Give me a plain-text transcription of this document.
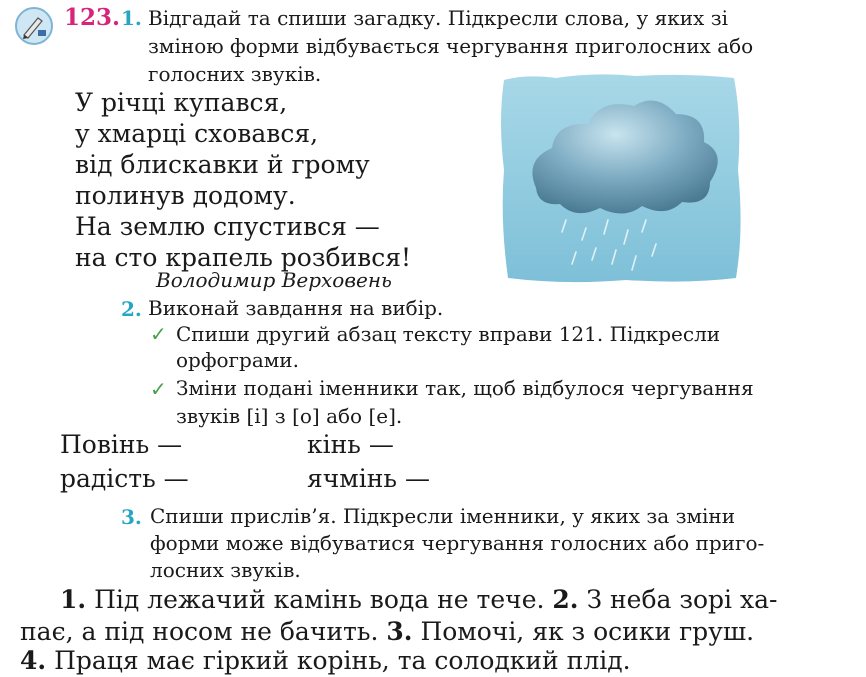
123. 1. Відгадай та спиши загадку. Підкресли слова, у яких зі
зміною форми відбувається чергування приголосних або
голосних звуків.
У річці купався,
у хмарці сховався,
від блискавки й грому
полинув додому.
На землю спустився —
на сто крапель розбився!
Володимир Верховень
2. Виконай завдання на вибір.
✓ Спиши другий абзац тексту вправи 121. Підкресли
орфограми.
✓ Зміни подані іменники так, щоб відбулося чергування
звуків [і] з [о] або [е].
Повінь —	кінь —
радість —	ячмінь —
3. Спиши прислів’я. Підкресли іменники, у яких за зміни
форми може відбуватися чергування голосних або приго-
лосних звуків.
1. Під лежачий камінь вода не тече. 2. З неба зорі ха-
пає, а під носом не бачить. 3. Помочі, як з осики груш.
4. Праця має гіркий корінь, та солодкий плід.
